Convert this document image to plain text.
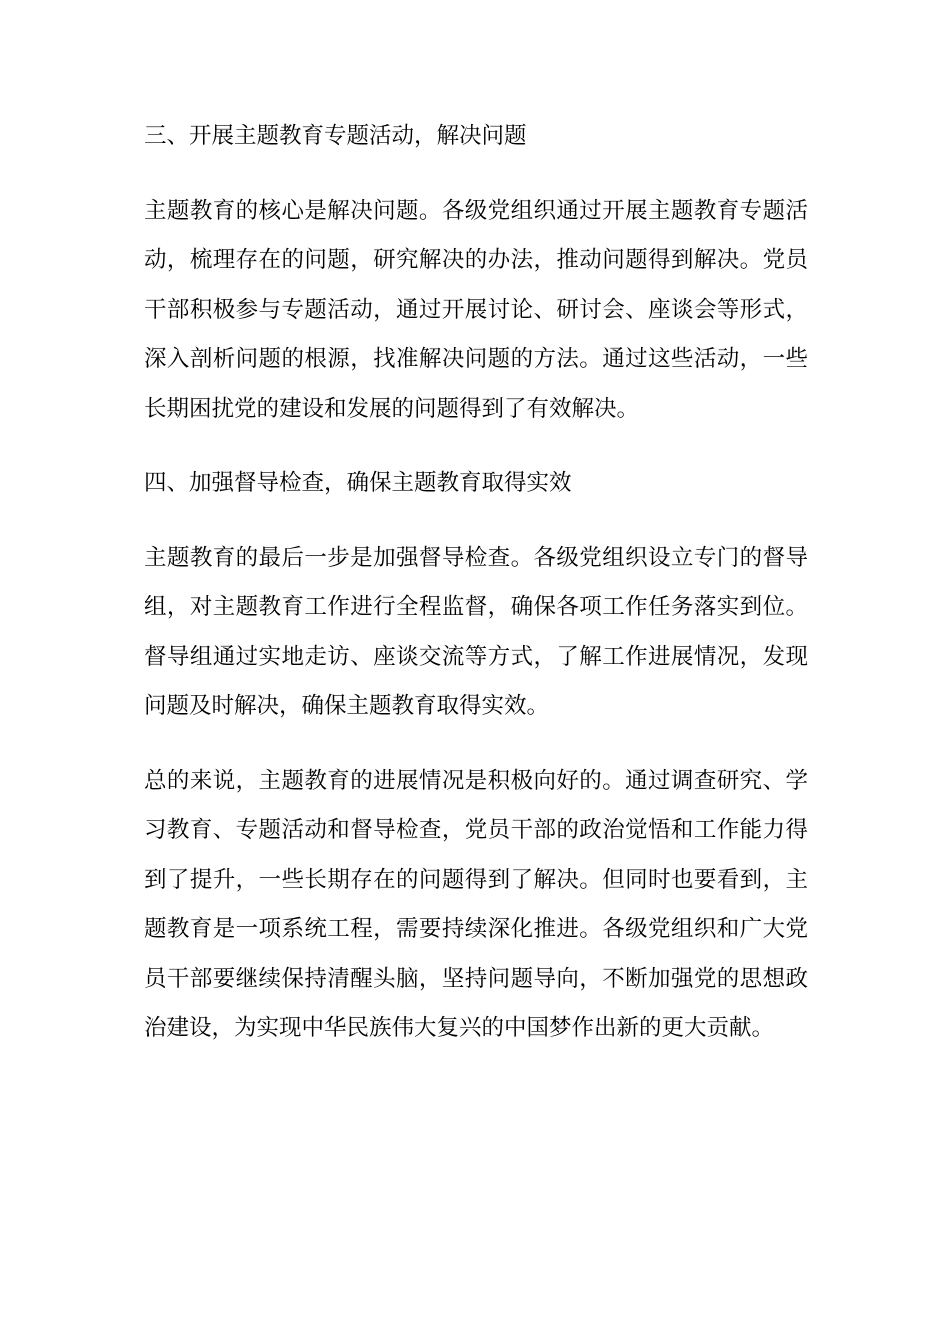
三、开展主题教育专题活动，解决问题

主题教育的核心是解决问题。各级党组织通过开展主题教育专题活动，梳理存在的问题，研究解决的办法，推动问题得到解决。党员干部积极参与专题活动，通过开展讨论、研讨会、座谈会等形式，深入剖析问题的根源，找准解决问题的方法。通过这些活动，一些长期困扰党的建设和发展的问题得到了有效解决。

四、加强督导检查，确保主题教育取得实效

主题教育的最后一步是加强督导检查。各级党组织设立专门的督导组，对主题教育工作进行全程监督，确保各项工作任务落实到位。督导组通过实地走访、座谈交流等方式，了解工作进展情况，发现问题及时解决，确保主题教育取得实效。

总的来说，主题教育的进展情况是积极向好的。通过调查研究、学习教育、专题活动和督导检查，党员干部的政治觉悟和工作能力得到了提升，一些长期存在的问题得到了解决。但同时也要看到，主题教育是一项系统工程，需要持续深化推进。各级党组织和广大党员干部要继续保持清醒头脑，坚持问题导向，不断加强党的思想政治建设，为实现中华民族伟大复兴的中国梦作出新的更大贡献。
